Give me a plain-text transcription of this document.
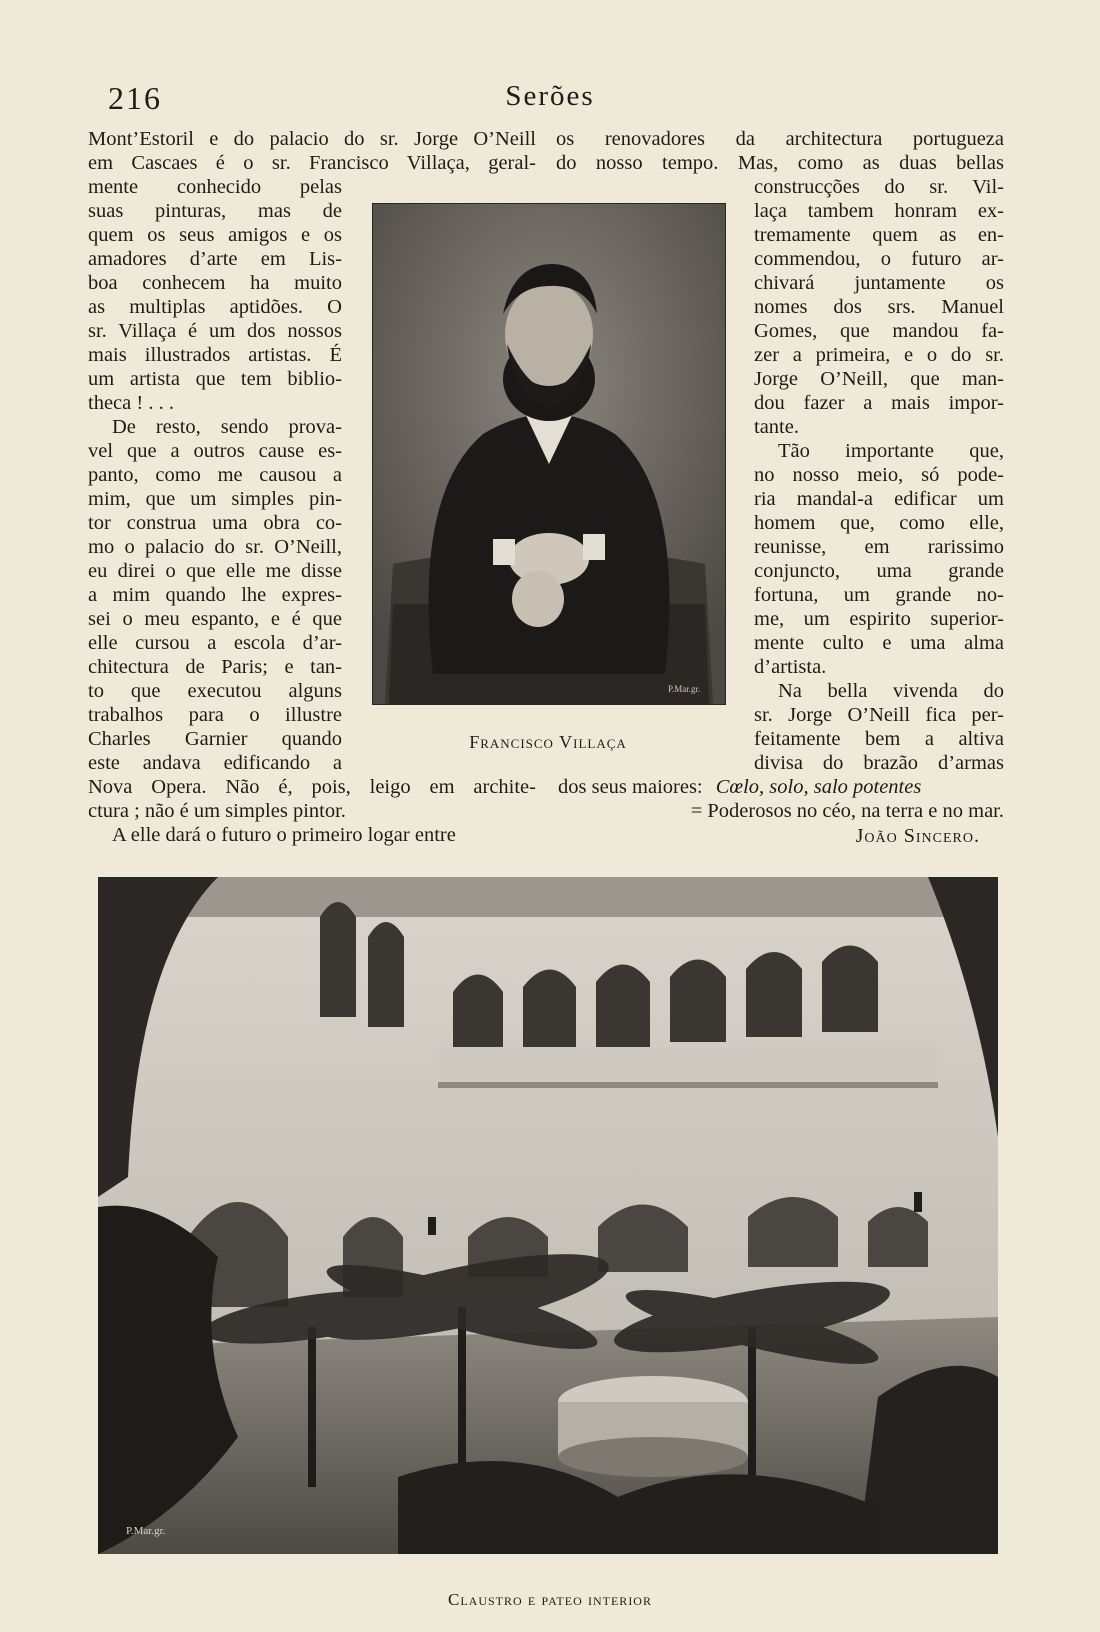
216	Serões
Mont’Estoril e do palacio do sr. Jorge O’Neill
em Cascaes é o sr. Francisco Villaça, geral-
os renovadores da architectura portugueza
do nosso tempo. Mas, como as duas bellas
mente conhecido pelas
suas pinturas, mas de
quem os seus amigos e os
amadores d’arte em Lis-
boa conhecem ha muito
as multiplas aptidões. O
sr. Villaça é um dos nossos
mais illustrados artistas. É
um artista que tem biblio-
theca ! . . .
De resto, sendo prova-
vel que a outros cause es-
panto, como me causou a
mim, que um simples pin-
tor construa uma obra co-
mo o palacio do sr. O’Neill,
eu direi o que elle me disse
a mim quando lhe expres-
sei o meu espanto, e é que
elle cursou a escola d’ar-
chitectura de Paris; e tan-
to que executou alguns
trabalhos para o illustre
Charles Garnier quando
este andava edificando a
construcções do sr. Vil-
laça tambem honram ex-
tremamente quem as en-
commendou, o futuro ar-
chivará juntamente os
nomes dos srs. Manuel
Gomes, que mandou fa-
zer a primeira, e o do sr.
Jorge O’Neill, que man-
dou fazer a mais impor-
tante.
Tão importante que,
no nosso meio, só pode-
ria mandal-a edificar um
homem que, como elle,
reunisse, em rarissimo
conjuncto, uma grande
fortuna, um grande no-
me, um espirito superior-
mente culto e uma alma
d’artista.
Na bella vivenda do
sr. Jorge O’Neill fica per-
feitamente bem a altiva
divisa do brazão d’armas
Nova Opera. Não é, pois, leigo em archite-
ctura ; não é um simples pintor.
A elle dará o futuro o primeiro logar entre
dos seus maiores: Cœlo, solo, salo potentes
= Poderosos no céo, na terra e no mar.
João Sincero.
P.Mar.gr.
Francisco Villaça
P.Mar.gr.
Claustro e pateo interior
